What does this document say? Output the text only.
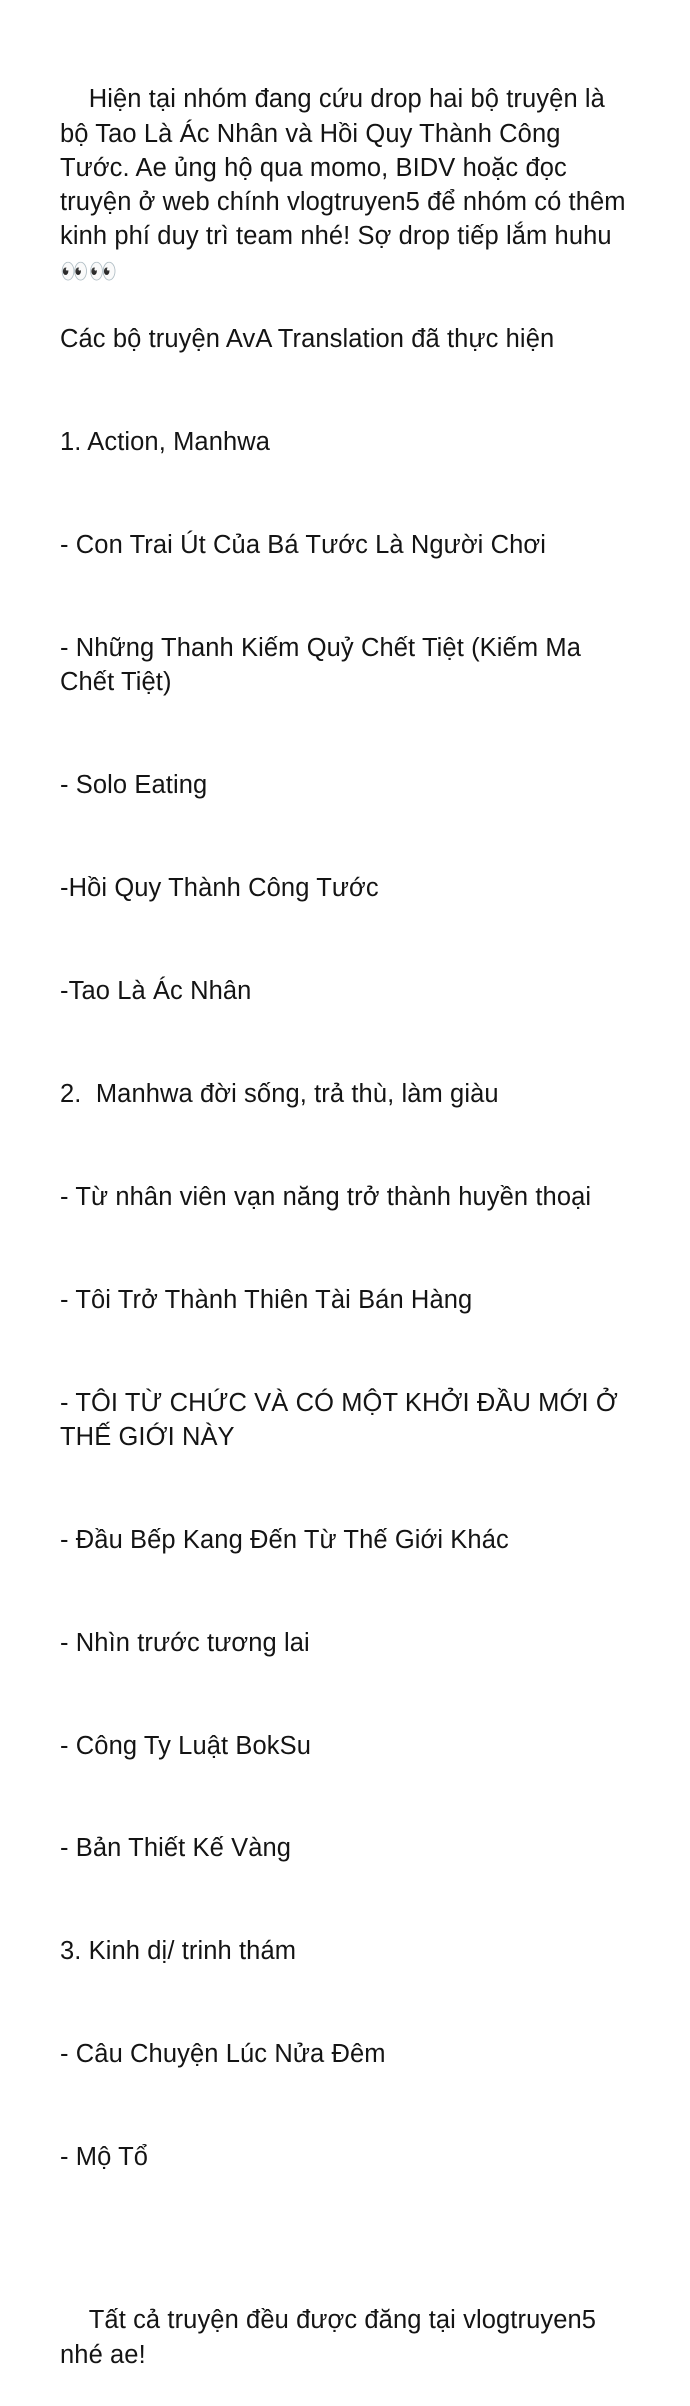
Hiện tại nhóm đang cứu drop hai bộ truyện là bộ Tao Là Ác Nhân và Hồi Quy Thành Công Tước. Ae ủng hộ qua momo, BIDV hoặc đọc truyện ở web chính vlogtruyen5 để nhóm có thêm kinh phí duy trì team nhé! Sợ drop tiếp lắm huhu 👀👀

Các bộ truyện AvA Translation đã thực hiện

1. Action, Manhwa

- Con Trai Út Của Bá Tước Là Người Chơi

- Những Thanh Kiếm Quỷ Chết Tiệt (Kiếm Ma Chết Tiệt)

- Solo Eating

-Hồi Quy Thành Công Tước

-Tao Là Ác Nhân

2.  Manhwa đời sống, trả thù, làm giàu

- Từ nhân viên vạn năng trở thành huyền thoại

- Tôi Trở Thành Thiên Tài Bán Hàng

- TÔI TỪ CHỨC VÀ CÓ MỘT KHỞI ĐẦU MỚI Ở THẾ GIỚI NÀY

- Đầu Bếp Kang Đến Từ Thế Giới Khác

- Nhìn trước tương lai

- Công Ty Luật BokSu

- Bản Thiết Kế Vàng

3. Kinh dị/ trinh thám

- Câu Chuyện Lúc Nửa Đêm

- Mộ Tổ

Tất cả truyện đều được đăng tại vlogtruyen5 nhé ae!
